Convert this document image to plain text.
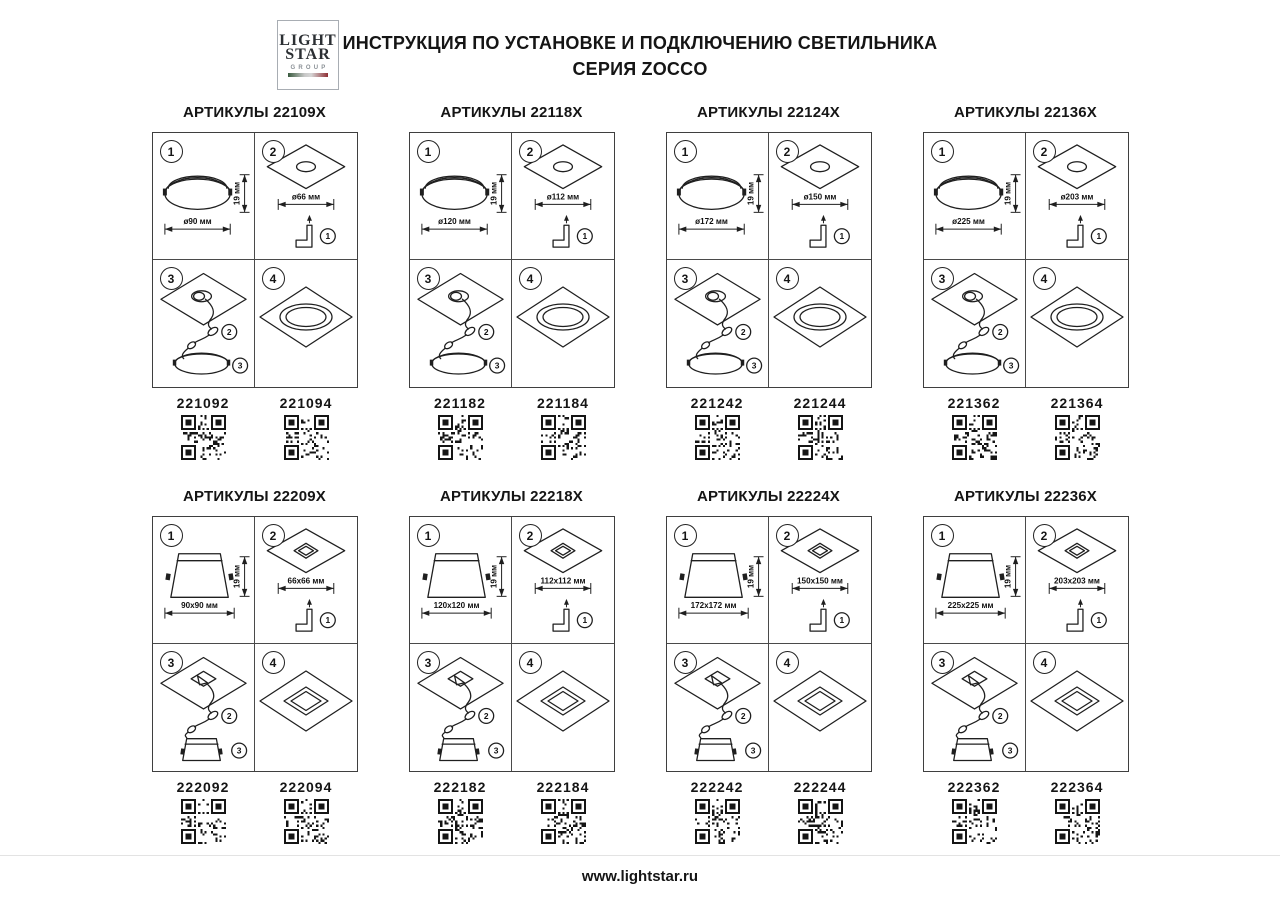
LIGHT
STAR
GROUP
ИНСТРУКЦИЯ ПО УСТАНОВКЕ И ПОДКЛЮЧЕНИЮ СВЕТИЛЬНИКА
СЕРИЯ ZOCCO
АРТИКУЛЫ 22109X
ø90 мм
19 мм
1
ø66 мм
1
2
2
3
3	4
221092	221094
АРТИКУЛЫ 22118X
ø120 мм
19 мм
1
ø112 мм
1
2
2
3
3	4
221182	221184
АРТИКУЛЫ 22124X
ø172 мм
19 мм
1
ø150 мм
1
2
2
3
3	4
221242	221244
АРТИКУЛЫ 22136X
ø225 мм
19 мм
1
ø203 мм
1
2
2
3
3	4
221362	221364
АРТИКУЛЫ 22209X
90x90 мм
19 мм
1
66x66 мм
1
2
2
3
3	4
222092	222094
АРТИКУЛЫ 22218X
120x120 мм
19 мм
1
112x112 мм
1
2
2
3
3	4
222182	222184
АРТИКУЛЫ 22224X
172x172 мм
19 мм
1
150x150 мм
1
2
2
3
3	4
222242	222244
АРТИКУЛЫ 22236X
225x225 мм
19 мм
1
203x203 мм
1
2
2
3
3	4
222362	222364
www.lightstar.ru
